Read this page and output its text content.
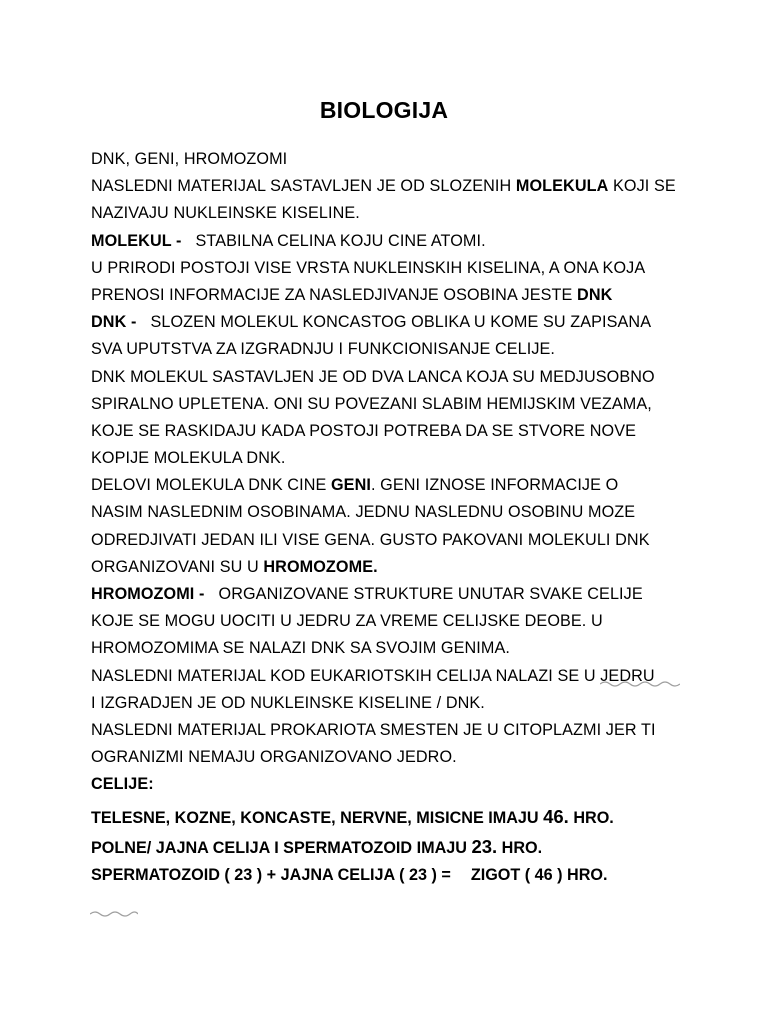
BIOLOGIJA
DNK, GENI, HROMOZOMI
NASLEDNI MATERIJAL SASTAVLJEN JE OD SLOZENIH MOLEKULA KOJI SE
NAZIVAJU NUKLEINSKE KISELINE.
MOLEKUL - STABILNA CELINA KOJU CINE ATOMI.
U PRIRODI POSTOJI VISE VRSTA NUKLEINSKIH KISELINA, A ONA KOJA
PRENOSI INFORMACIJE ZA NASLEDJIVANJE OSOBINA JESTE DNK
DNK - SLOZEN MOLEKUL KONCASTOG OBLIKA U KOME SU ZAPISANA
SVA UPUTSTVA ZA IZGRADNJU I FUNKCIONISANJE CELIJE.
DNK MOLEKUL SASTAVLJEN JE OD DVA LANCA KOJA SU MEDJUSOBNO
SPIRALNO UPLETENA. ONI SU POVEZANI SLABIM HEMIJSKIM VEZAMA,
KOJE SE RASKIDAJU KADA POSTOJI POTREBA DA SE STVORE NOVE
KOPIJE MOLEKULA DNK.
DELOVI MOLEKULA DNK CINE GENI. GENI IZNOSE INFORMACIJE O
NASIM NASLEDNIM OSOBINAMA. JEDNU NASLEDNU OSOBINU MOZE
ODREDJIVATI JEDAN ILI VISE GENA. GUSTO PAKOVANI MOLEKULI DNK
ORGANIZOVANI SU U HROMOZOME.
HROMOZOMI - ORGANIZOVANE STRUKTURE UNUTAR SVAKE CELIJE
KOJE SE MOGU UOCITI U JEDRU ZA VREME CELIJSKE DEOBE. U
HROMOZOMIMA SE NALAZI DNK SA SVOJIM GENIMA.
NASLEDNI MATERIJAL KOD EUKARIOTSKIH CELIJA NALAZI SE U JEDRU
I IZGRADJEN JE OD NUKLEINSKE KISELINE / DNK.
NASLEDNI MATERIJAL PROKARIOTA SMESTEN JE U CITOPLAZMI JER TI
OGRANIZMI NEMAJU ORGANIZOVANO JEDRO.
CELIJE:
TELESNE, KOZNE, KONCASTE, NERVNE, MISICNE IMAJU 46. HRO.
POLNE/ JAJNA CELIJA I SPERMATOZOID IMAJU 23. HRO.
SPERMATOZOID ( 23 ) + JAJNA CELIJA ( 23 ) = ZIGOT ( 46 ) HRO.
